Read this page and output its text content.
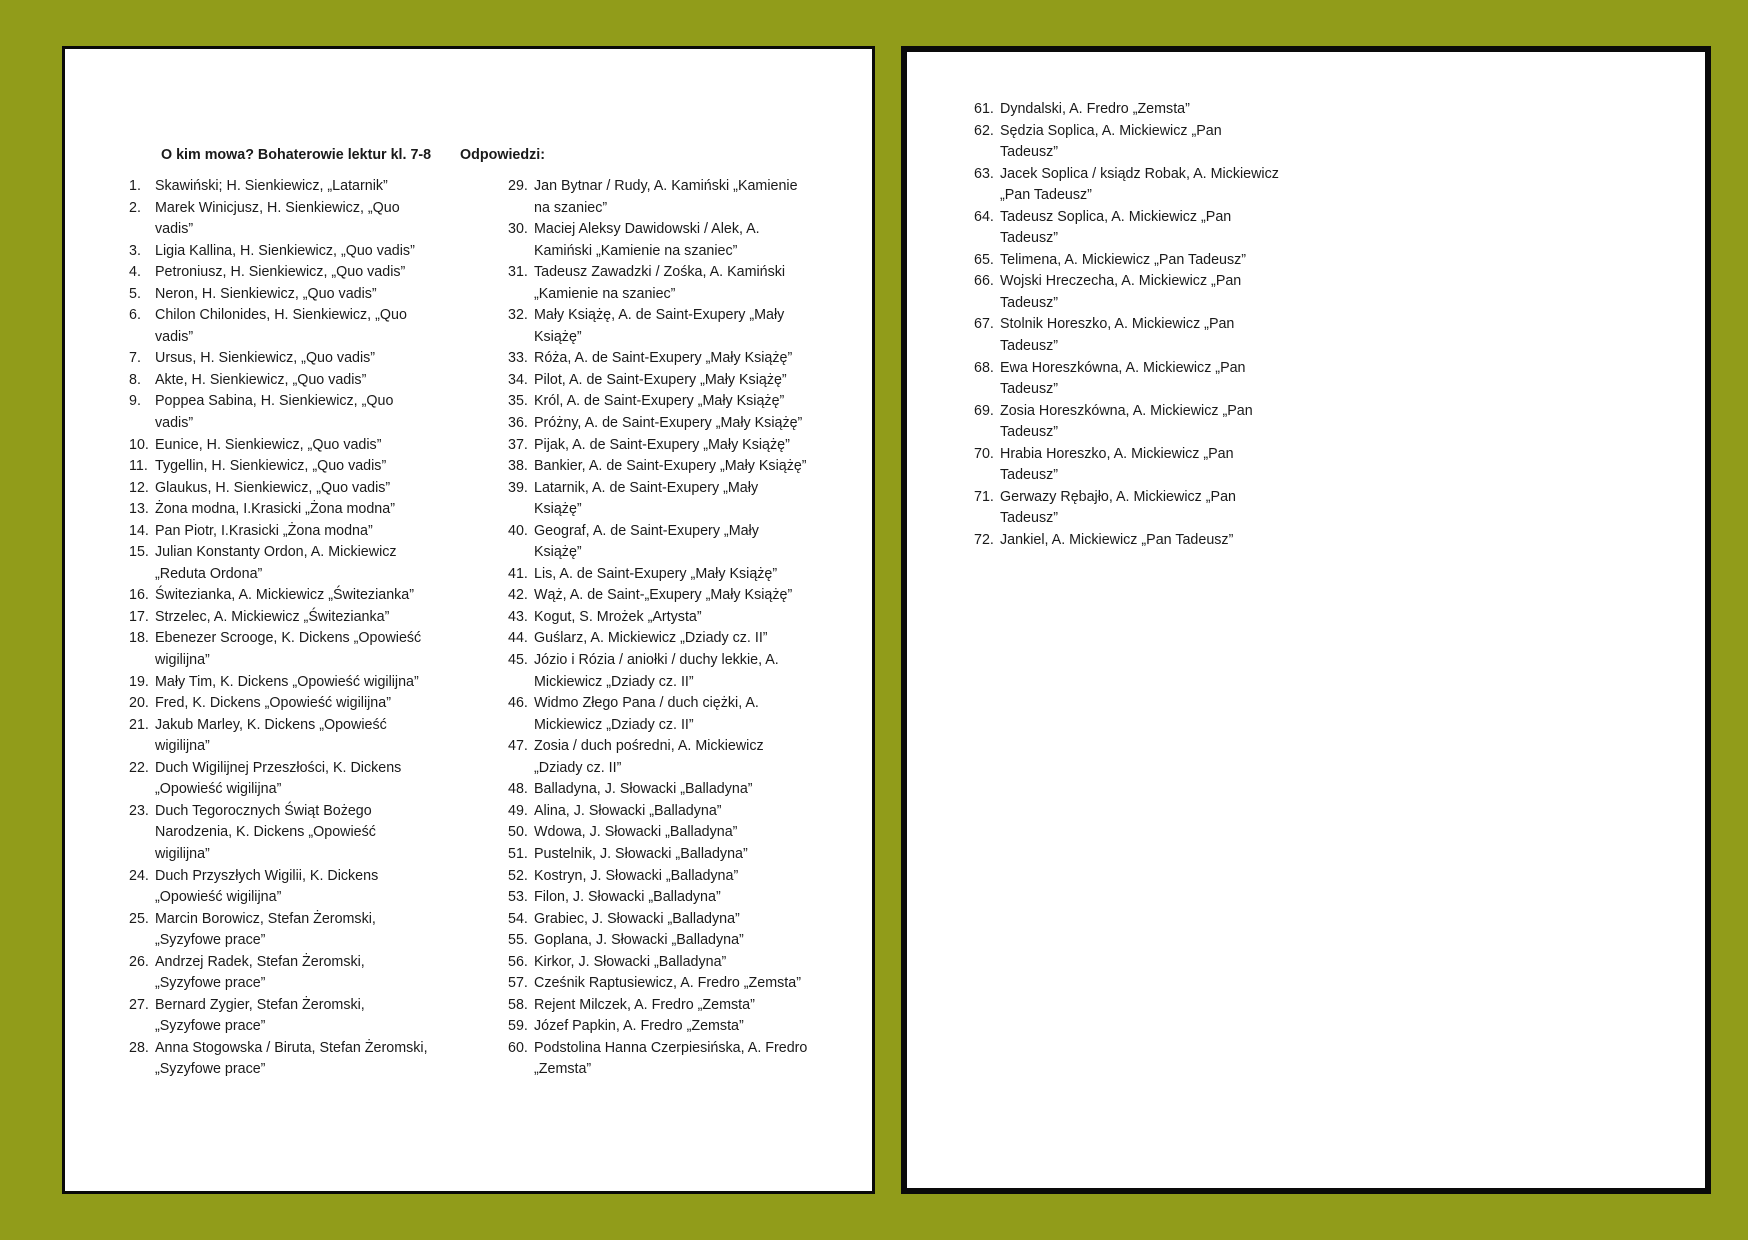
O kim mowa? Bohaterowie lektur kl. 7-8 Odpowiedzi:
1. Skawiński; H. Sienkiewicz, „Latarnik”
2. Marek Winicjusz, H. Sienkiewicz, „Quo
vadis”
3. Ligia Kallina, H. Sienkiewicz, „Quo vadis”
4. Petroniusz, H. Sienkiewicz, „Quo vadis”
5. Neron, H. Sienkiewicz, „Quo vadis”
6. Chilon Chilonides, H. Sienkiewicz, „Quo
vadis”
7. Ursus, H. Sienkiewicz, „Quo vadis”
8. Akte, H. Sienkiewicz, „Quo vadis”
9. Poppea Sabina, H. Sienkiewicz, „Quo
vadis”
10. Eunice, H. Sienkiewicz, „Quo vadis”
11. Tygellin, H. Sienkiewicz, „Quo vadis”
12. Glaukus, H. Sienkiewicz, „Quo vadis”
13. Żona modna, I.Krasicki „Żona modna”
14. Pan Piotr, I.Krasicki „Żona modna”
15. Julian Konstanty Ordon, A. Mickiewicz
„Reduta Ordona”
16. Świtezianka, A. Mickiewicz „Świtezianka”
17. Strzelec, A. Mickiewicz „Świtezianka”
18. Ebenezer Scrooge, K. Dickens „Opowieść
wigilijna”
19. Mały Tim, K. Dickens „Opowieść wigilijna”
20. Fred, K. Dickens „Opowieść wigilijna”
21. Jakub Marley, K. Dickens „Opowieść
wigilijna”
22. Duch Wigilijnej Przeszłości, K. Dickens
„Opowieść wigilijna”
23. Duch Tegorocznych Świąt Bożego
Narodzenia, K. Dickens „Opowieść
wigilijna”
24. Duch Przyszłych Wigilii, K. Dickens
„Opowieść wigilijna”
25. Marcin Borowicz, Stefan Żeromski,
„Syzyfowe prace”
26. Andrzej Radek, Stefan Żeromski,
„Syzyfowe prace”
27. Bernard Zygier, Stefan Żeromski,
„Syzyfowe prace”
28. Anna Stogowska / Biruta, Stefan Żeromski,
„Syzyfowe prace”
29. Jan Bytnar / Rudy, A. Kamiński „Kamienie
na szaniec”
30. Maciej Aleksy Dawidowski / Alek, A.
Kamiński „Kamienie na szaniec”
31. Tadeusz Zawadzki / Zośka, A. Kamiński
„Kamienie na szaniec”
32. Mały Książę, A. de Saint-Exupery „Mały
Książę”
33. Róża, A. de Saint-Exupery „Mały Książę”
34. Pilot, A. de Saint-Exupery „Mały Książę”
35. Król, A. de Saint-Exupery „Mały Książę”
36. Próżny, A. de Saint-Exupery „Mały Książę”
37. Pijak, A. de Saint-Exupery „Mały Książę”
38. Bankier, A. de Saint-Exupery „Mały Książę”
39. Latarnik, A. de Saint-Exupery „Mały
Książę”
40. Geograf, A. de Saint-Exupery „Mały
Książę”
41. Lis, A. de Saint-Exupery „Mały Książę”
42. Wąż, A. de Saint-„Exupery „Mały Książę”
43. Kogut, S. Mrożek „Artysta”
44. Guślarz, A. Mickiewicz „Dziady cz. II”
45. Józio i Rózia / aniołki / duchy lekkie, A.
Mickiewicz „Dziady cz. II”
46. Widmo Złego Pana / duch ciężki, A.
Mickiewicz „Dziady cz. II”
47. Zosia / duch pośredni, A. Mickiewicz
„Dziady cz. II”
48. Balladyna, J. Słowacki „Balladyna”
49. Alina, J. Słowacki „Balladyna”
50. Wdowa, J. Słowacki „Balladyna”
51. Pustelnik, J. Słowacki „Balladyna”
52. Kostryn, J. Słowacki „Balladyna”
53. Filon, J. Słowacki „Balladyna”
54. Grabiec, J. Słowacki „Balladyna”
55. Goplana, J. Słowacki „Balladyna”
56. Kirkor, J. Słowacki „Balladyna”
57. Cześnik Raptusiewicz, A. Fredro „Zemsta”
58. Rejent Milczek, A. Fredro „Zemsta”
59. Józef Papkin, A. Fredro „Zemsta”
60. Podstolina Hanna Czerpiesińska, A. Fredro
„Zemsta”
61. Dyndalski, A. Fredro „Zemsta”
62. Sędzia Soplica, A. Mickiewicz „Pan
Tadeusz”
63. Jacek Soplica / ksiądz Robak, A. Mickiewicz
„Pan Tadeusz”
64. Tadeusz Soplica, A. Mickiewicz „Pan
Tadeusz”
65. Telimena, A. Mickiewicz „Pan Tadeusz”
66. Wojski Hreczecha, A. Mickiewicz „Pan
Tadeusz”
67. Stolnik Horeszko, A. Mickiewicz „Pan
Tadeusz”
68. Ewa Horeszkówna, A. Mickiewicz „Pan
Tadeusz”
69. Zosia Horeszkówna, A. Mickiewicz „Pan
Tadeusz”
70. Hrabia Horeszko, A. Mickiewicz „Pan
Tadeusz”
71. Gerwazy Rębajło, A. Mickiewicz „Pan
Tadeusz”
72. Jankiel, A. Mickiewicz „Pan Tadeusz”
